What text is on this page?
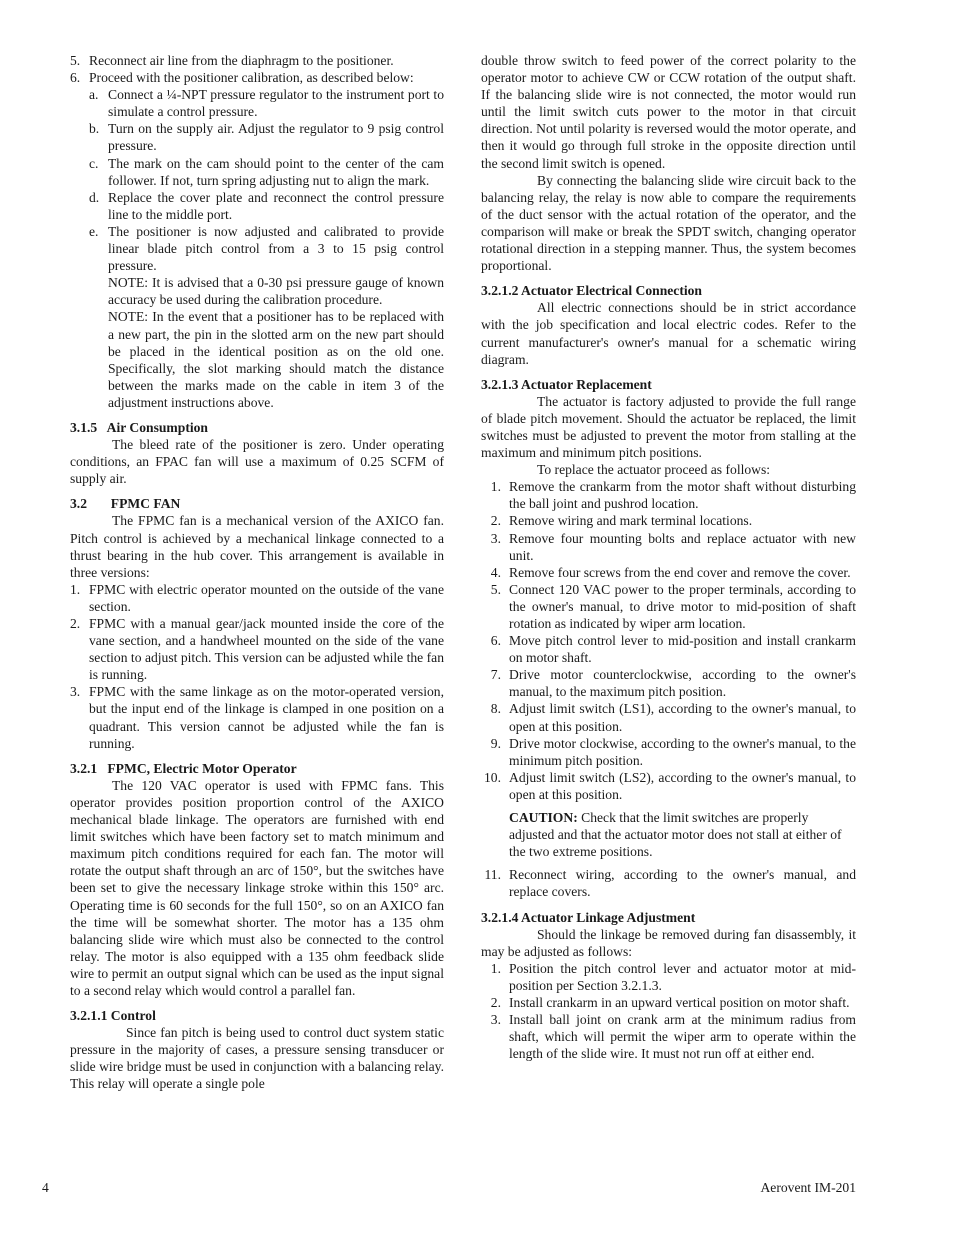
5. Reconnect air line from the diaphragm to the positioner.
6. Proceed with the positioner calibration, as described below:
a. Connect a ¼-NPT pressure regulator to the instrument port to simulate a control pressure.
b. Turn on the supply air. Adjust the regulator to 9 psig control pressure.
c. The mark on the cam should point to the center of the cam follower. If not, turn spring adjusting nut to align the mark.
d. Replace the cover plate and reconnect the control pressure line to the middle port.
e. The positioner is now adjusted and calibrated to provide linear blade pitch control from a 3 to 15 psig control pressure.

NOTE: It is advised that a 0-30 psi pressure gauge of known accuracy be used during the calibration procedure.

NOTE: In the event that a positioner has to be replaced with a new part, the pin in the slotted arm on the new part should be placed in the identical position as on the old one. Specifically, the slot marking should match the distance between the marks made on the cable in item 3 of the adjustment instructions above.

3.1.5   Air Consumption

The bleed rate of the positioner is zero. Under operating conditions, an FPAC fan will use a maximum of 0.25 SCFM of supply air.

3.2       FPMC FAN

The FPMC fan is a mechanical version of the AXICO fan. Pitch control is achieved by a mechanical linkage connected to a thrust bearing in the hub cover. This arrangement is available in three versions:

1. FPMC with electric operator mounted on the outside of the vane section.
2. FPMC with a manual gear/jack mounted inside the core of the vane section, and a handwheel mounted on the side of the vane section to adjust pitch. This version can be adjusted while the fan is running.
3. FPMC with the same linkage as on the motor-operated version, but the input end of the linkage is clamped in one position on a quadrant. This version cannot be adjusted while the fan is running.

3.2.1   FPMC, Electric Motor Operator

The 120 VAC operator is used with FPMC fans. This operator provides position proportion control of the AXICO mechanical blade linkage. The operators are furnished with end limit switches which have been factory set to match minimum and maximum pitch conditions required for each fan. The motor will rotate the output shaft through an arc of 150°, but the switches have been set to give the necessary linkage stroke within this 150° arc. Operating time is 60 seconds for the full 150°, so on an AXICO fan the time will be somewhat shorter. The motor has a 135 ohm balancing slide wire which must also be connected to the control relay. The motor is also equipped with a 135 ohm feedback slide wire to permit an output signal which can be used as the input signal to a second relay which would control a parallel fan.

3.2.1.1 Control

Since fan pitch is being used to control duct system static pressure in the majority of cases, a pressure sensing transducer or slide wire bridge must be used in conjunction with a balancing relay. This relay will operate a single pole

double throw switch to feed power of the correct polarity to the operator motor to achieve CW or CCW rotation of the output shaft. If the balancing slide wire is not connected, the motor would run until the limit switch cuts power to the motor in that circuit direction. Not until polarity is reversed would the motor operate, and then it would go through full stroke in the opposite direction until the second limit switch is opened.

By connecting the balancing slide wire circuit back to the balancing relay, the relay is now able to compare the requirements of the duct sensor with the actual rotation of the operator, and the comparison will make or break the SPDT switch, changing operator rotational direction in a stepping manner. Thus, the system becomes proportional.

3.2.1.2 Actuator Electrical Connection

All electric connections should be in strict accordance with the job specification and local electric codes. Refer to the current manufacturer's owner's manual for a schematic wiring diagram.

3.2.1.3 Actuator Replacement

The actuator is factory adjusted to provide the full range of blade pitch movement. Should the actuator be replaced, the limit switches must be adjusted to prevent the motor from stalling at the maximum and minimum pitch positions.

To replace the actuator proceed as follows:

1. Remove the crankarm from the motor shaft without disturbing the ball joint and pushrod location.
2. Remove wiring and mark terminal locations.
3. Remove four mounting bolts and replace actuator with new unit.
4. Remove four screws from the end cover and remove the cover.
5. Connect 120 VAC power to the proper terminals, according to the owner's manual, to drive motor to mid-position of shaft rotation as indicated by wiper arm location.
6. Move pitch control lever to mid-position and install crankarm on motor shaft.
7. Drive motor counterclockwise, according to the owner's manual, to the maximum pitch position.
8. Adjust limit switch (LS1), according to the owner's manual, to open at this position.
9. Drive motor clockwise, according to the owner's manual, to the minimum pitch position.
10. Adjust limit switch (LS2), according to the owner's manual, to open at this position.

CAUTION: Check that the limit switches are properly adjusted and that the actuator motor does not stall at either of the two extreme positions.

11. Reconnect wiring, according to the owner's manual, and replace covers.

3.2.1.4 Actuator Linkage Adjustment

Should the linkage be removed during fan disassembly, it may be adjusted as follows:

1. Position the pitch control lever and actuator motor at mid-position per Section 3.2.1.3.
2. Install crankarm in an upward vertical position on motor shaft.
3. Install ball joint on crank arm at the minimum radius from shaft, which will permit the wiper arm to operate within the length of the slide wire. It must not run off at either end.
4	Aerovent IM-201
